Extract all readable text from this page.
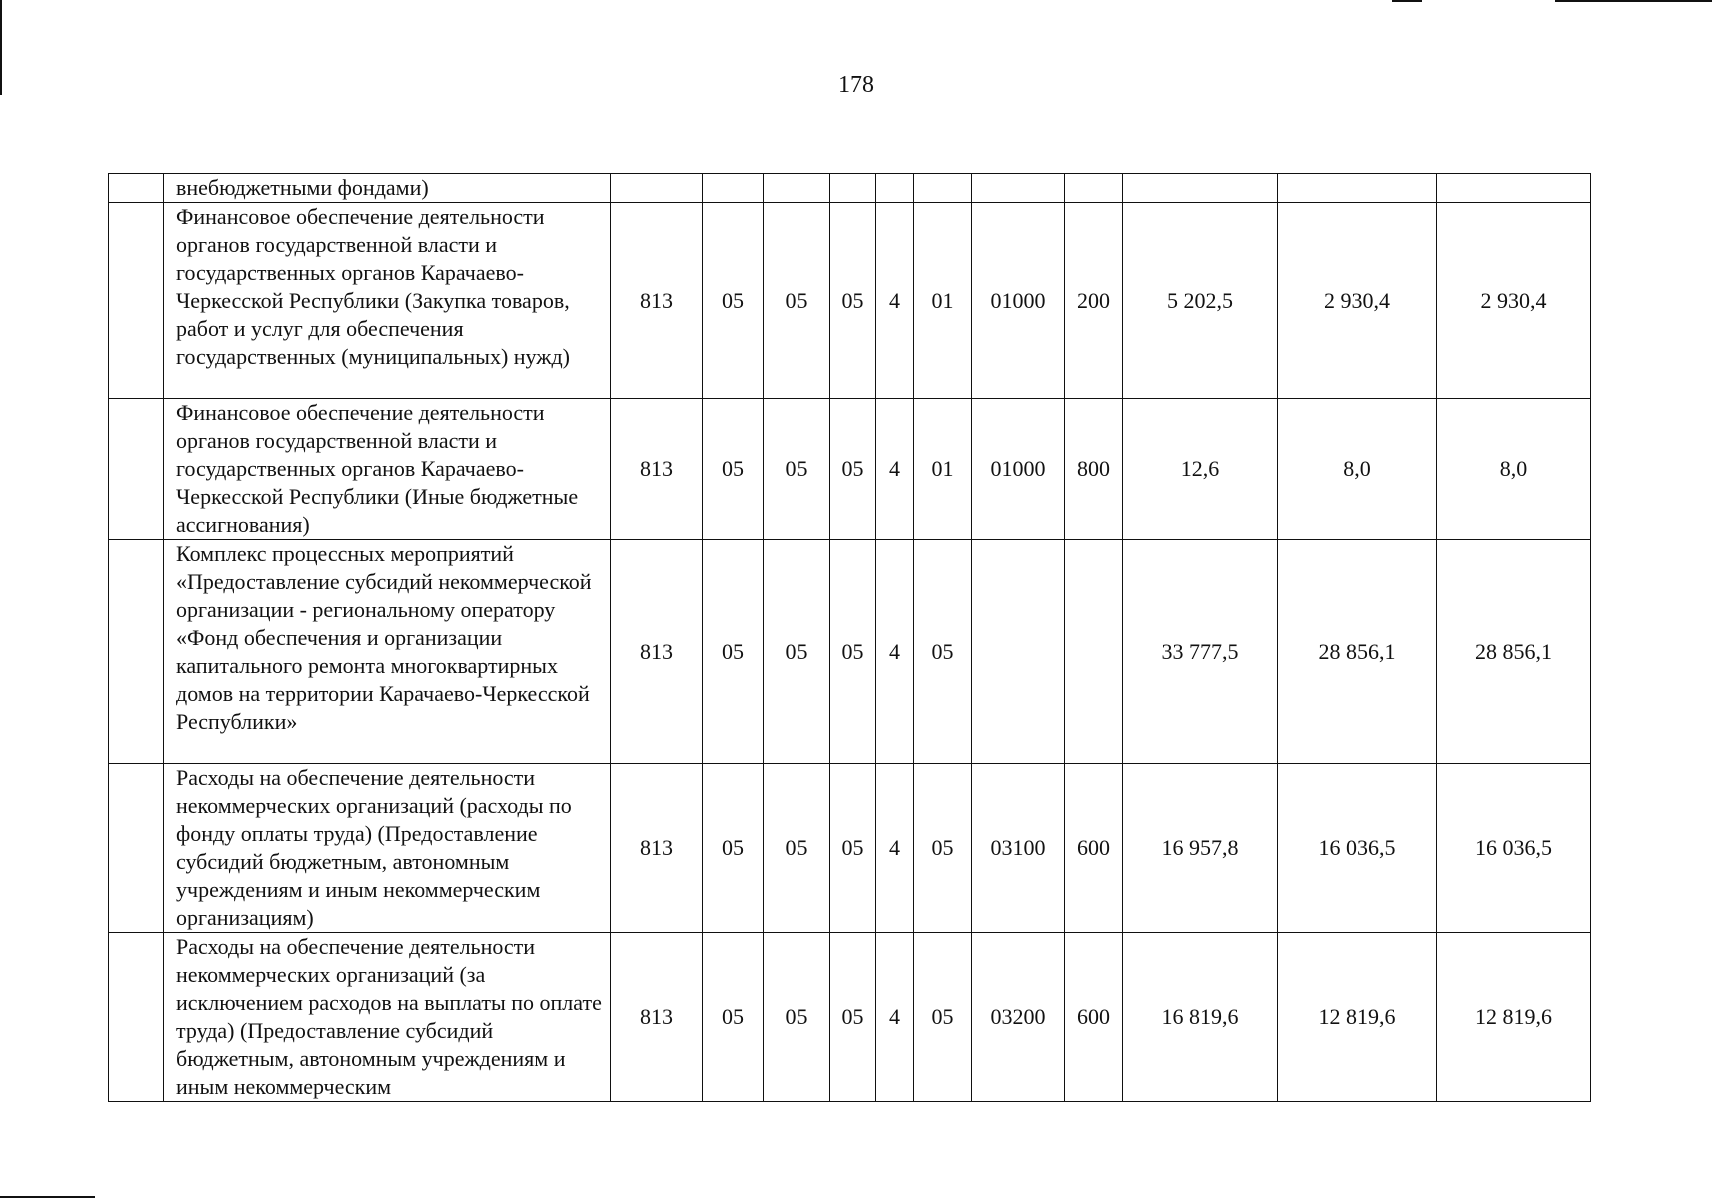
178
	внебюджетными фондами)											
	Финансовое обеспечение деятельности органов государственной власти и государственных органов Карачаево-Черкесской Республики (Закупка товаров, работ и услуг для обеспечения государственных (муниципальных) нужд)	813	05	05	05	4	01	01000	200	5 202,5	2 930,4	2 930,4
	Финансовое обеспечение деятельности органов государственной власти и государственных органов Карачаево-Черкесской Республики (Иные бюджетные ассигнования)	813	05	05	05	4	01	01000	800	12,6	8,0	8,0
	Комплекс процессных мероприятий «Предоставление субсидий некоммерческой организации - региональному оператору «Фонд обеспечения и организации капитального ремонта многоквартирных домов на территории Карачаево-Черкесской Республики»	813	05	05	05	4	05			33 777,5	28 856,1	28 856,1
	Расходы на обеспечение деятельности некоммерческих организаций (расходы по фонду оплаты труда) (Предоставление субсидий бюджетным, автономным учреждениям и иным некоммерческим организациям)	813	05	05	05	4	05	03100	600	16 957,8	16 036,5	16 036,5
	Расходы на обеспечение деятельности некоммерческих организаций (за исключением расходов на выплаты по оплате труда) (Предоставление субсидий бюджетным, автономным учреждениям и иным некоммерческим	813	05	05	05	4	05	03200	600	16 819,6	12 819,6	12 819,6
